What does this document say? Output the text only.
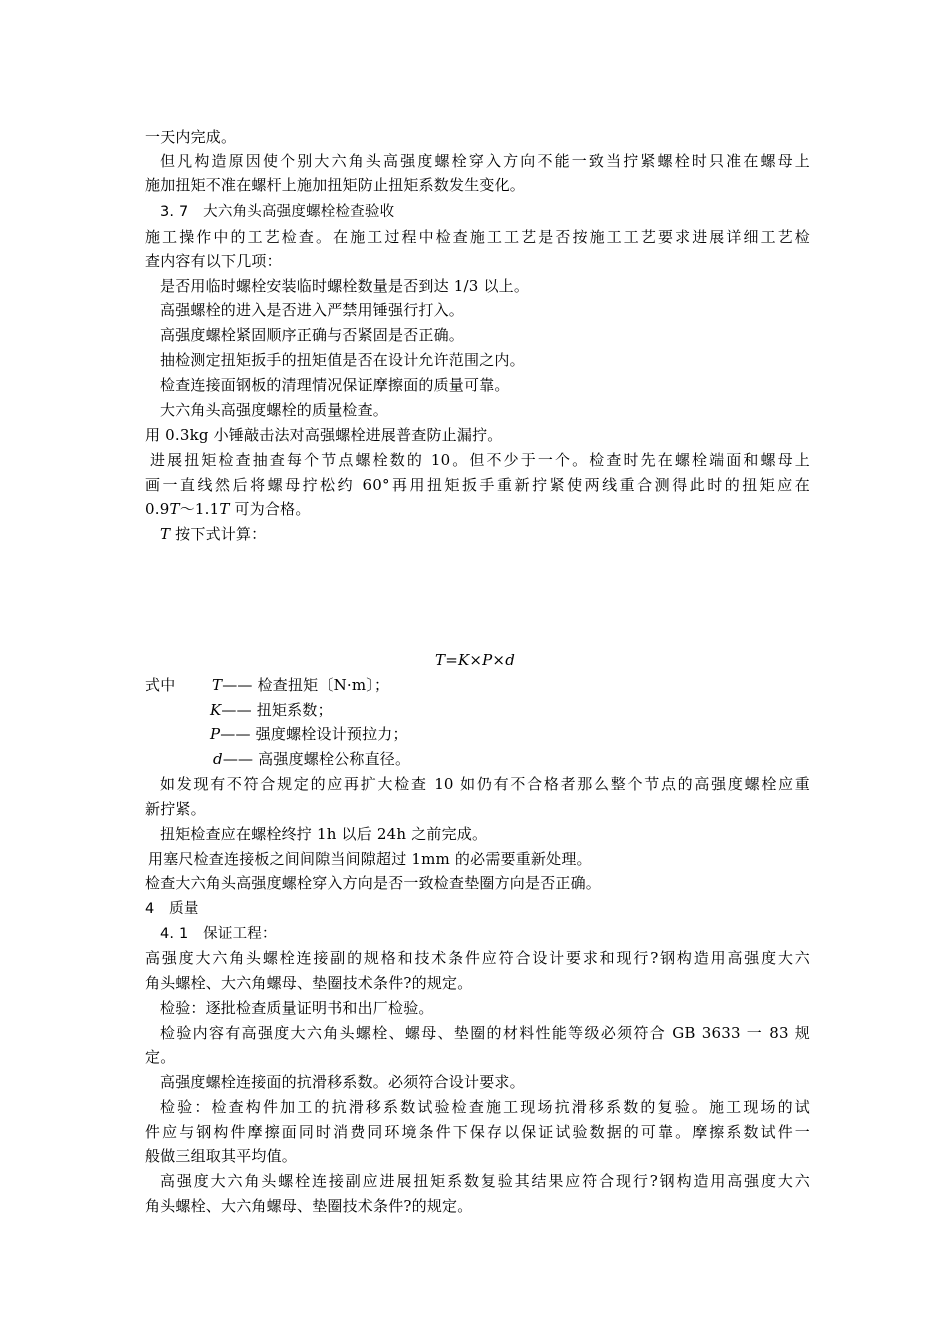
一天内完成。
但凡构造原因使个别大六角头高强度螺栓穿入方向不能一致当拧紧螺栓时只准在螺母上
施加扭矩不准在螺杆上施加扭矩防止扭矩系数发生变化。
3. 7　大六角头高强度螺栓检查验收
施工操作中的工艺检查。在施工过程中检查施工工艺是否按施工工艺要求进展详细工艺检
查内容有以下几项：
是否用临时螺栓安装临时螺栓数量是否到达 1/3 以上。
高强螺栓的进入是否进入严禁用锤强行打入。
高强度螺栓紧固顺序正确与否紧固是否正确。
抽检测定扭矩扳手的扭矩值是否在设计允许范围之内。
检查连接面钢板的清理情况保证摩擦面的质量可靠。
大六角头高强度螺栓的质量检查。
用 0.3kg 小锤敲击法对高强螺栓进展普查防止漏拧。
进展扭矩检查抽查每个节点螺栓数的 10。但不少于一个。检查时先在螺栓端面和螺母上
画一直线然后将螺母拧松约 60°再用扭矩扳手重新拧紧使两线重合测得此时的扭矩应在
0.9T～1.1T 可为合格。
T 按下式计算：
T=K×P×d
式中 T—— 检查扭矩〔N·m〕；
K—— 扭矩系数；
P—— 强度螺栓设计预拉力；
d—— 高强度螺栓公称直径。
如发现有不符合规定的应再扩大检查 10 如仍有不合格者那么整个节点的高强度螺栓应重
新拧紧。
扭矩检查应在螺栓终拧 1h 以后 24h 之前完成。
用塞尺检查连接板之间间隙当间隙超过 1mm 的必需要重新处理。
检查大六角头高强度螺栓穿入方向是否一致检查垫圈方向是否正确。
4　质量
4. 1　保证工程：
高强度大六角头螺栓连接副的规格和技术条件应符合设计要求和现行?钢构造用高强度大六
角头螺栓、大六角螺母、垫圈技术条件?的规定。
检验：逐批检查质量证明书和出厂检验。
检验内容有高强度大六角头螺栓、螺母、垫圈的材料性能等级必须符合 GB 3633 一 83 规
定。
高强度螺栓连接面的抗滑移系数。必须符合设计要求。
检验：检查构件加工的抗滑移系数试验检查施工现场抗滑移系数的复验。施工现场的试
件应与钢构件摩擦面同时消费同环境条件下保存以保证试验数据的可靠。摩擦系数试件一
般做三组取其平均值。
高强度大六角头螺栓连接副应进展扭矩系数复验其结果应符合现行?钢构造用高强度大六
角头螺栓、大六角螺母、垫圈技术条件?的规定。
